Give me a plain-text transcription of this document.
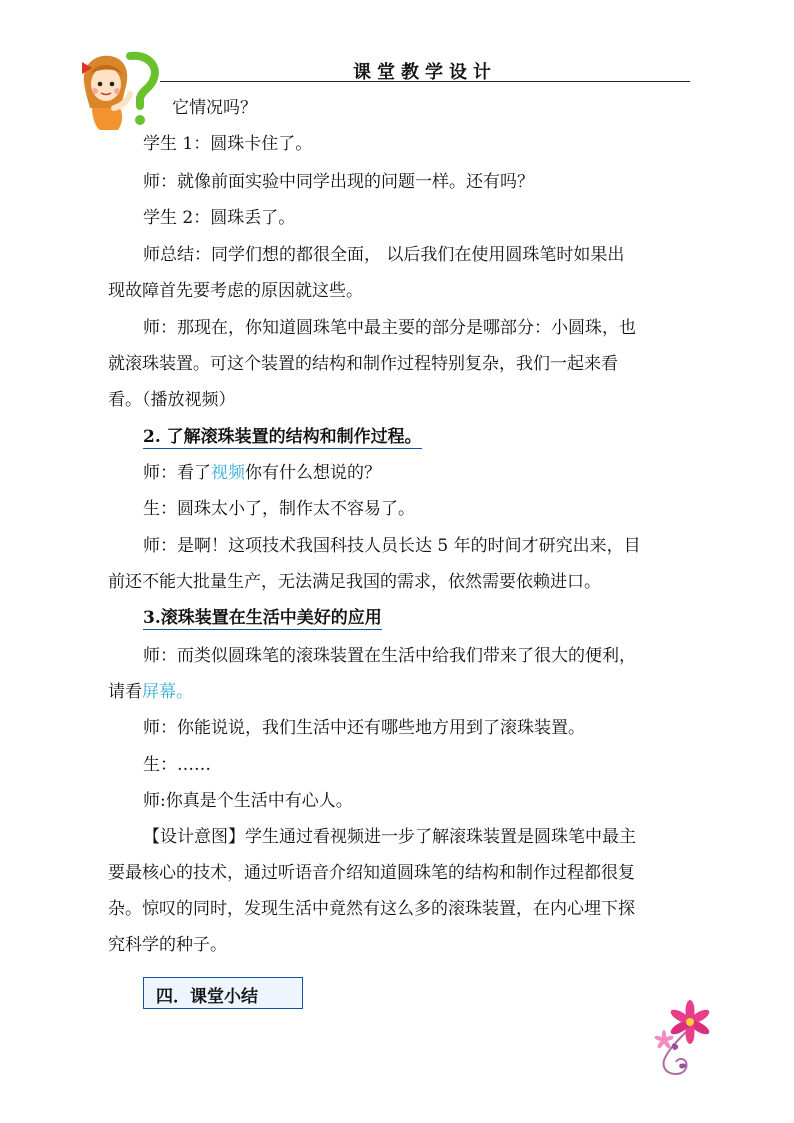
课堂教学设计
它情况吗？
学生 1：圆珠卡住了。
师：就像前面实验中同学出现的问题一样。还有吗？
学生 2：圆珠丢了。
师总结：同学们想的都很全面， 以后我们在使用圆珠笔时如果出
现故障首先要考虑的原因就这些。
师：那现在，你知道圆珠笔中最主要的部分是哪部分：小圆珠，也
就滚珠装置。可这个装置的结构和制作过程特别复杂，我们一起来看
看。（播放视频）
2. 了解滚珠装置的结构和制作过程。
师：看了视频你有什么想说的？
生：圆珠太小了，制作太不容易了。
师：是啊！这项技术我国科技人员长达 5 年的时间才研究出来，目
前还不能大批量生产，无法满足我国的需求，依然需要依赖进口。
3.滚珠装置在生活中美好的应用
师：而类似圆珠笔的滚珠装置在生活中给我们带来了很大的便利，
请看屏幕。
师：你能说说，我们生活中还有哪些地方用到了滚珠装置。
生：……
师:你真是个生活中有心人。
【设计意图】学生通过看视频进一步了解滚珠装置是圆珠笔中最主
要最核心的技术，通过听语音介绍知道圆珠笔的结构和制作过程都很复
杂。惊叹的同时，发现生活中竟然有这么多的滚珠装置，在内心埋下探
究科学的种子。
四．课堂小结
